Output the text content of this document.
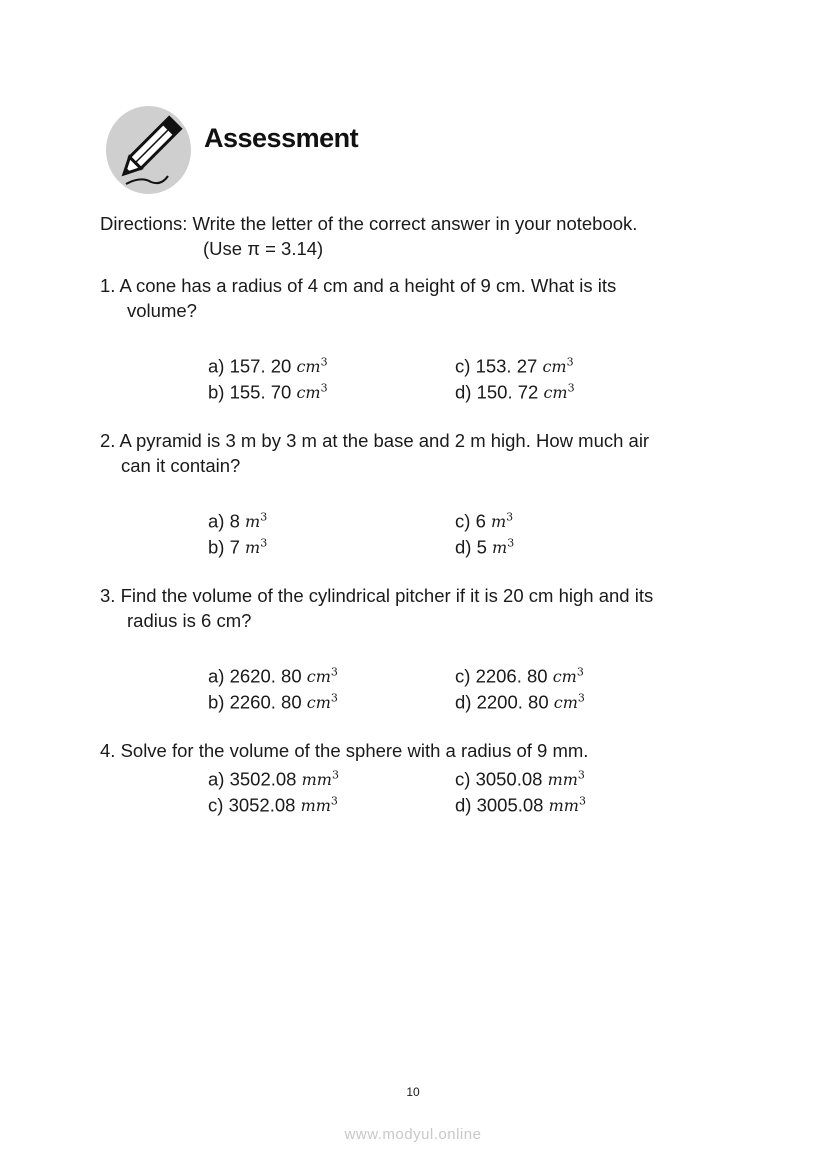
Assessment
Directions: Write the letter of the correct answer in your notebook.
(Use π = 3.14)
1. A cone has a radius of 4 cm and a height of 9 cm. What is its
volume?
a) 157. 20 $cm^3$	c) 153. 27 $cm^3$
b) 155. 70 $cm^3$	d) 150. 72 $cm^3$
2. A pyramid is 3 m by 3 m at the base and 2 m high. How much air
can it contain?
a) 8 $m^3$	c) 6 $m^3$
b) 7 $m^3$	d) 5 $m^3$
3. Find the volume of the cylindrical pitcher if it is 20 cm high and its
radius is 6 cm?
a) 2620. 80 $cm^3$	c) 2206. 80 $cm^3$
b) 2260. 80 $cm^3$	d) 2200. 80 $cm^3$
4. Solve for the volume of the sphere with a radius of 9 mm.
a) 3502.08 $mm^3$	c) 3050.08 $mm^3$
c) 3052.08 $mm^3$	d) 3005.08 $mm^3$
10
www.modyul.online
